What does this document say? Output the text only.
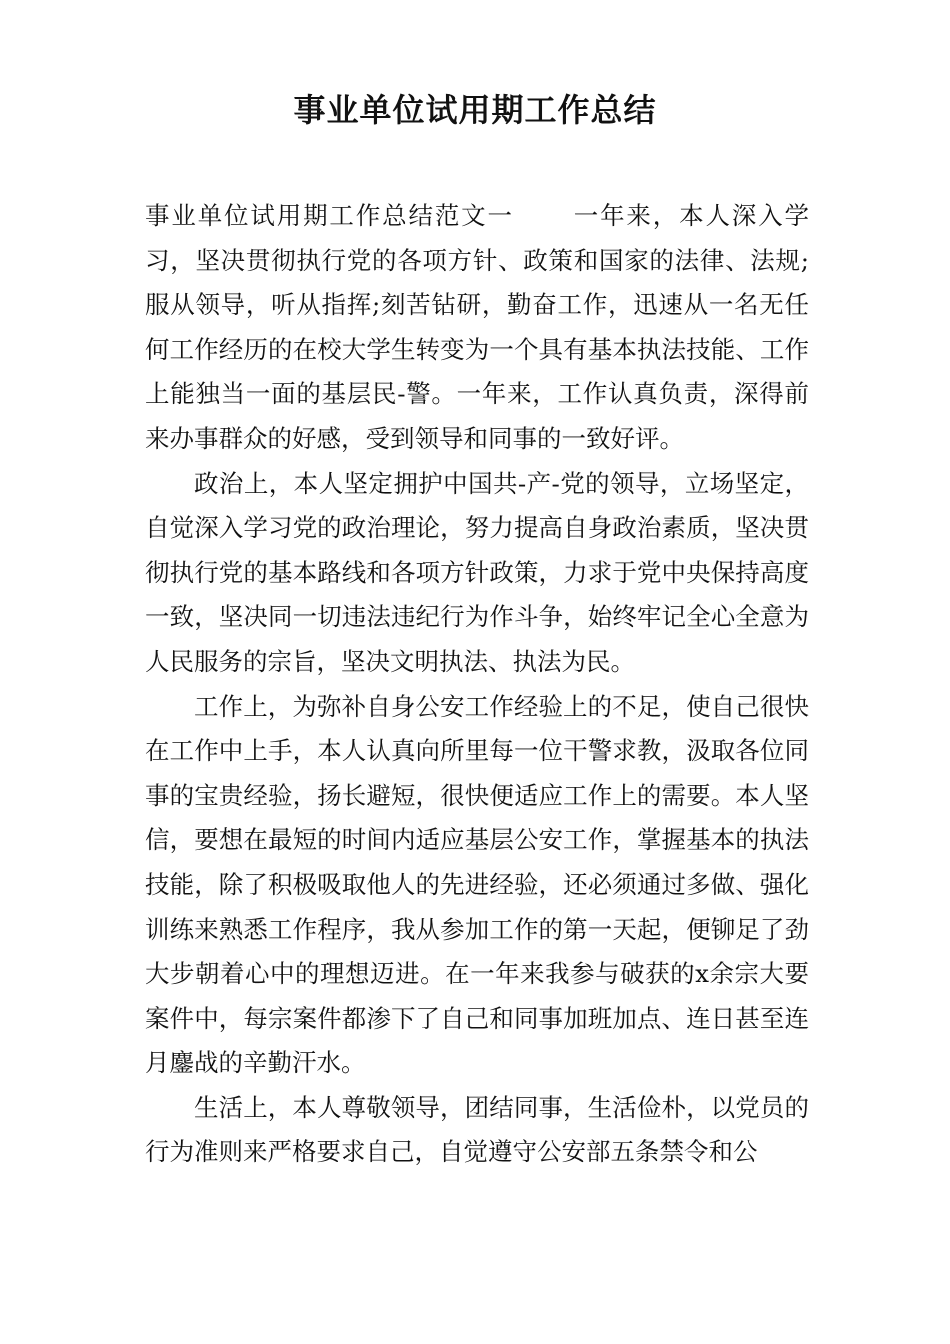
事业单位试用期工作总结

事业单位试用期工作总结范文一 一年来，本人深入学习，坚决贯彻执行党的各项方针、政策和国家的法律、法规;服从领导，听从指挥;刻苦钻研，勤奋工作，迅速从一名无任何工作经历的在校大学生转变为一个具有基本执法技能、工作上能独当一面的基层民-警。一年来，工作认真负责，深得前来办事群众的好感，受到领导和同事的一致好评。

政治上，本人坚定拥护中国共-产-党的领导，立场坚定，自觉深入学习党的政治理论，努力提高自身政治素质，坚决贯彻执行党的基本路线和各项方针政策，力求于党中央保持高度一致，坚决同一切违法违纪行为作斗争，始终牢记全心全意为人民服务的宗旨，坚决文明执法、执法为民。

工作上，为弥补自身公安工作经验上的不足，使自己很快在工作中上手，本人认真向所里每一位干警求教，汲取各位同事的宝贵经验，扬长避短，很快便适应工作上的需要。本人坚信，要想在最短的时间内适应基层公安工作，掌握基本的执法技能，除了积极吸取他人的先进经验，还必须通过多做、强化训练来熟悉工作程序，我从参加工作的第一天起，便铆足了劲大步朝着心中的理想迈进。在一年来我参与破获的x余宗大要案件中，每宗案件都渗下了自己和同事加班加点、连日甚至连月鏖战的辛勤汗水。

生活上，本人尊敬领导，团结同事，生活俭朴，以党员的行为准则来严格要求自己，自觉遵守公安部五条禁令和公
